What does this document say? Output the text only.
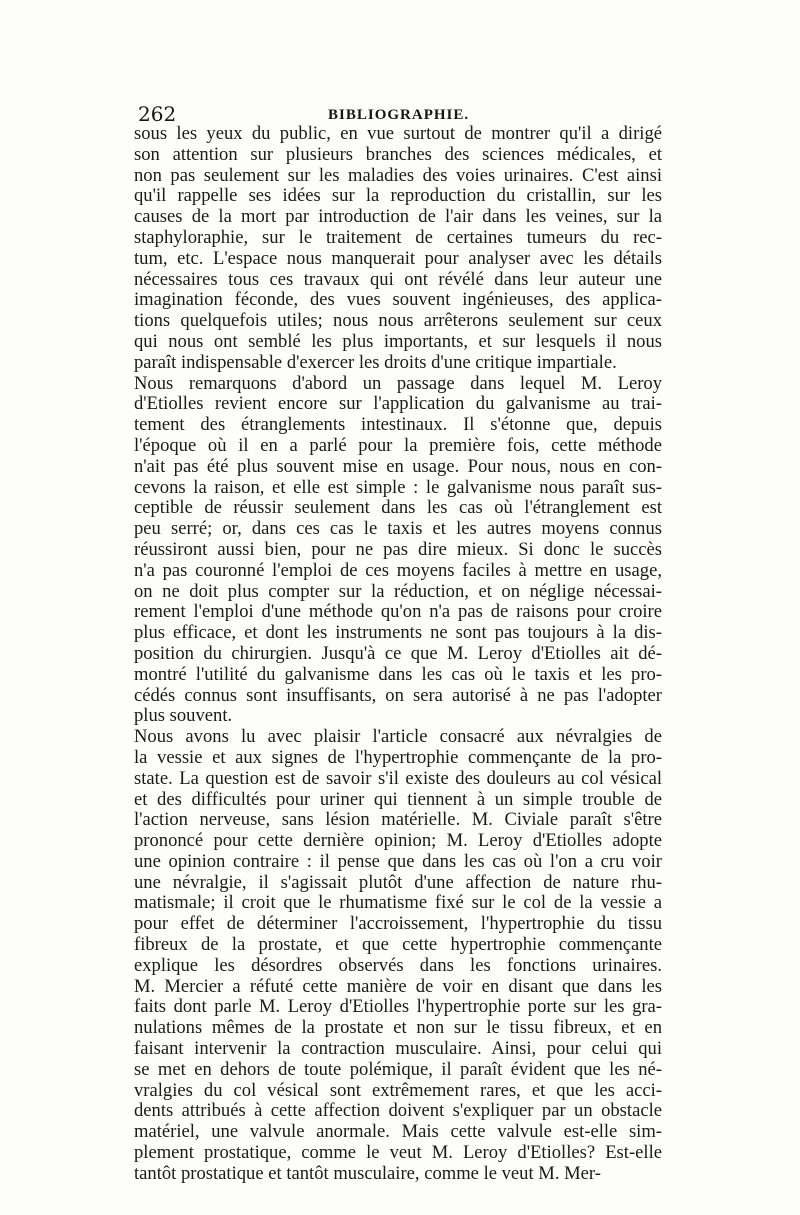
262	BIBLIOGRAPHIE.
sous les yeux du public, en vue surtout de montrer qu'il a dirigé
son attention sur plusieurs branches des sciences médicales, et
non pas seulement sur les maladies des voies urinaires. C'est ainsi
qu'il rappelle ses idées sur la reproduction du cristallin, sur les
causes de la mort par introduction de l'air dans les veines, sur la
staphyloraphie, sur le traitement de certaines tumeurs du rec-
tum, etc. L'espace nous manquerait pour analyser avec les détails
nécessaires tous ces travaux qui ont révélé dans leur auteur une
imagination féconde, des vues souvent ingénieuses, des applica-
tions quelquefois utiles; nous nous arrêterons seulement sur ceux
qui nous ont semblé les plus importants, et sur lesquels il nous
paraît indispensable d'exercer les droits d'une critique impartiale.
Nous remarquons d'abord un passage dans lequel M. Leroy
d'Etiolles revient encore sur l'application du galvanisme au trai-
tement des étranglements intestinaux. Il s'étonne que, depuis
l'époque où il en a parlé pour la première fois, cette méthode
n'ait pas été plus souvent mise en usage. Pour nous, nous en con-
cevons la raison, et elle est simple : le galvanisme nous paraît sus-
ceptible de réussir seulement dans les cas où l'étranglement est
peu serré; or, dans ces cas le taxis et les autres moyens connus
réussiront aussi bien, pour ne pas dire mieux. Si donc le succès
n'a pas couronné l'emploi de ces moyens faciles à mettre en usage,
on ne doit plus compter sur la réduction, et on néglige nécessai-
rement l'emploi d'une méthode qu'on n'a pas de raisons pour croire
plus efficace, et dont les instruments ne sont pas toujours à la dis-
position du chirurgien. Jusqu'à ce que M. Leroy d'Etiolles ait dé-
montré l'utilité du galvanisme dans les cas où le taxis et les pro-
cédés connus sont insuffisants, on sera autorisé à ne pas l'adopter
plus souvent.
Nous avons lu avec plaisir l'article consacré aux névralgies de
la vessie et aux signes de l'hypertrophie commençante de la pro-
state. La question est de savoir s'il existe des douleurs au col vésical
et des difficultés pour uriner qui tiennent à un simple trouble de
l'action nerveuse, sans lésion matérielle. M. Civiale paraît s'être
prononcé pour cette dernière opinion; M. Leroy d'Etiolles adopte
une opinion contraire : il pense que dans les cas où l'on a cru voir
une névralgie, il s'agissait plutôt d'une affection de nature rhu-
matismale; il croit que le rhumatisme fixé sur le col de la vessie a
pour effet de déterminer l'accroissement, l'hypertrophie du tissu
fibreux de la prostate, et que cette hypertrophie commençante
explique les désordres observés dans les fonctions urinaires.
M. Mercier a réfuté cette manière de voir en disant que dans les
faits dont parle M. Leroy d'Etiolles l'hypertrophie porte sur les gra-
nulations mêmes de la prostate et non sur le tissu fibreux, et en
faisant intervenir la contraction musculaire. Ainsi, pour celui qui
se met en dehors de toute polémique, il paraît évident que les né-
vralgies du col vésical sont extrêmement rares, et que les acci-
dents attribués à cette affection doivent s'expliquer par un obstacle
matériel, une valvule anormale. Mais cette valvule est-elle sim-
plement prostatique, comme le veut M. Leroy d'Etiolles? Est-elle
tantôt prostatique et tantôt musculaire, comme le veut M. Mer-
